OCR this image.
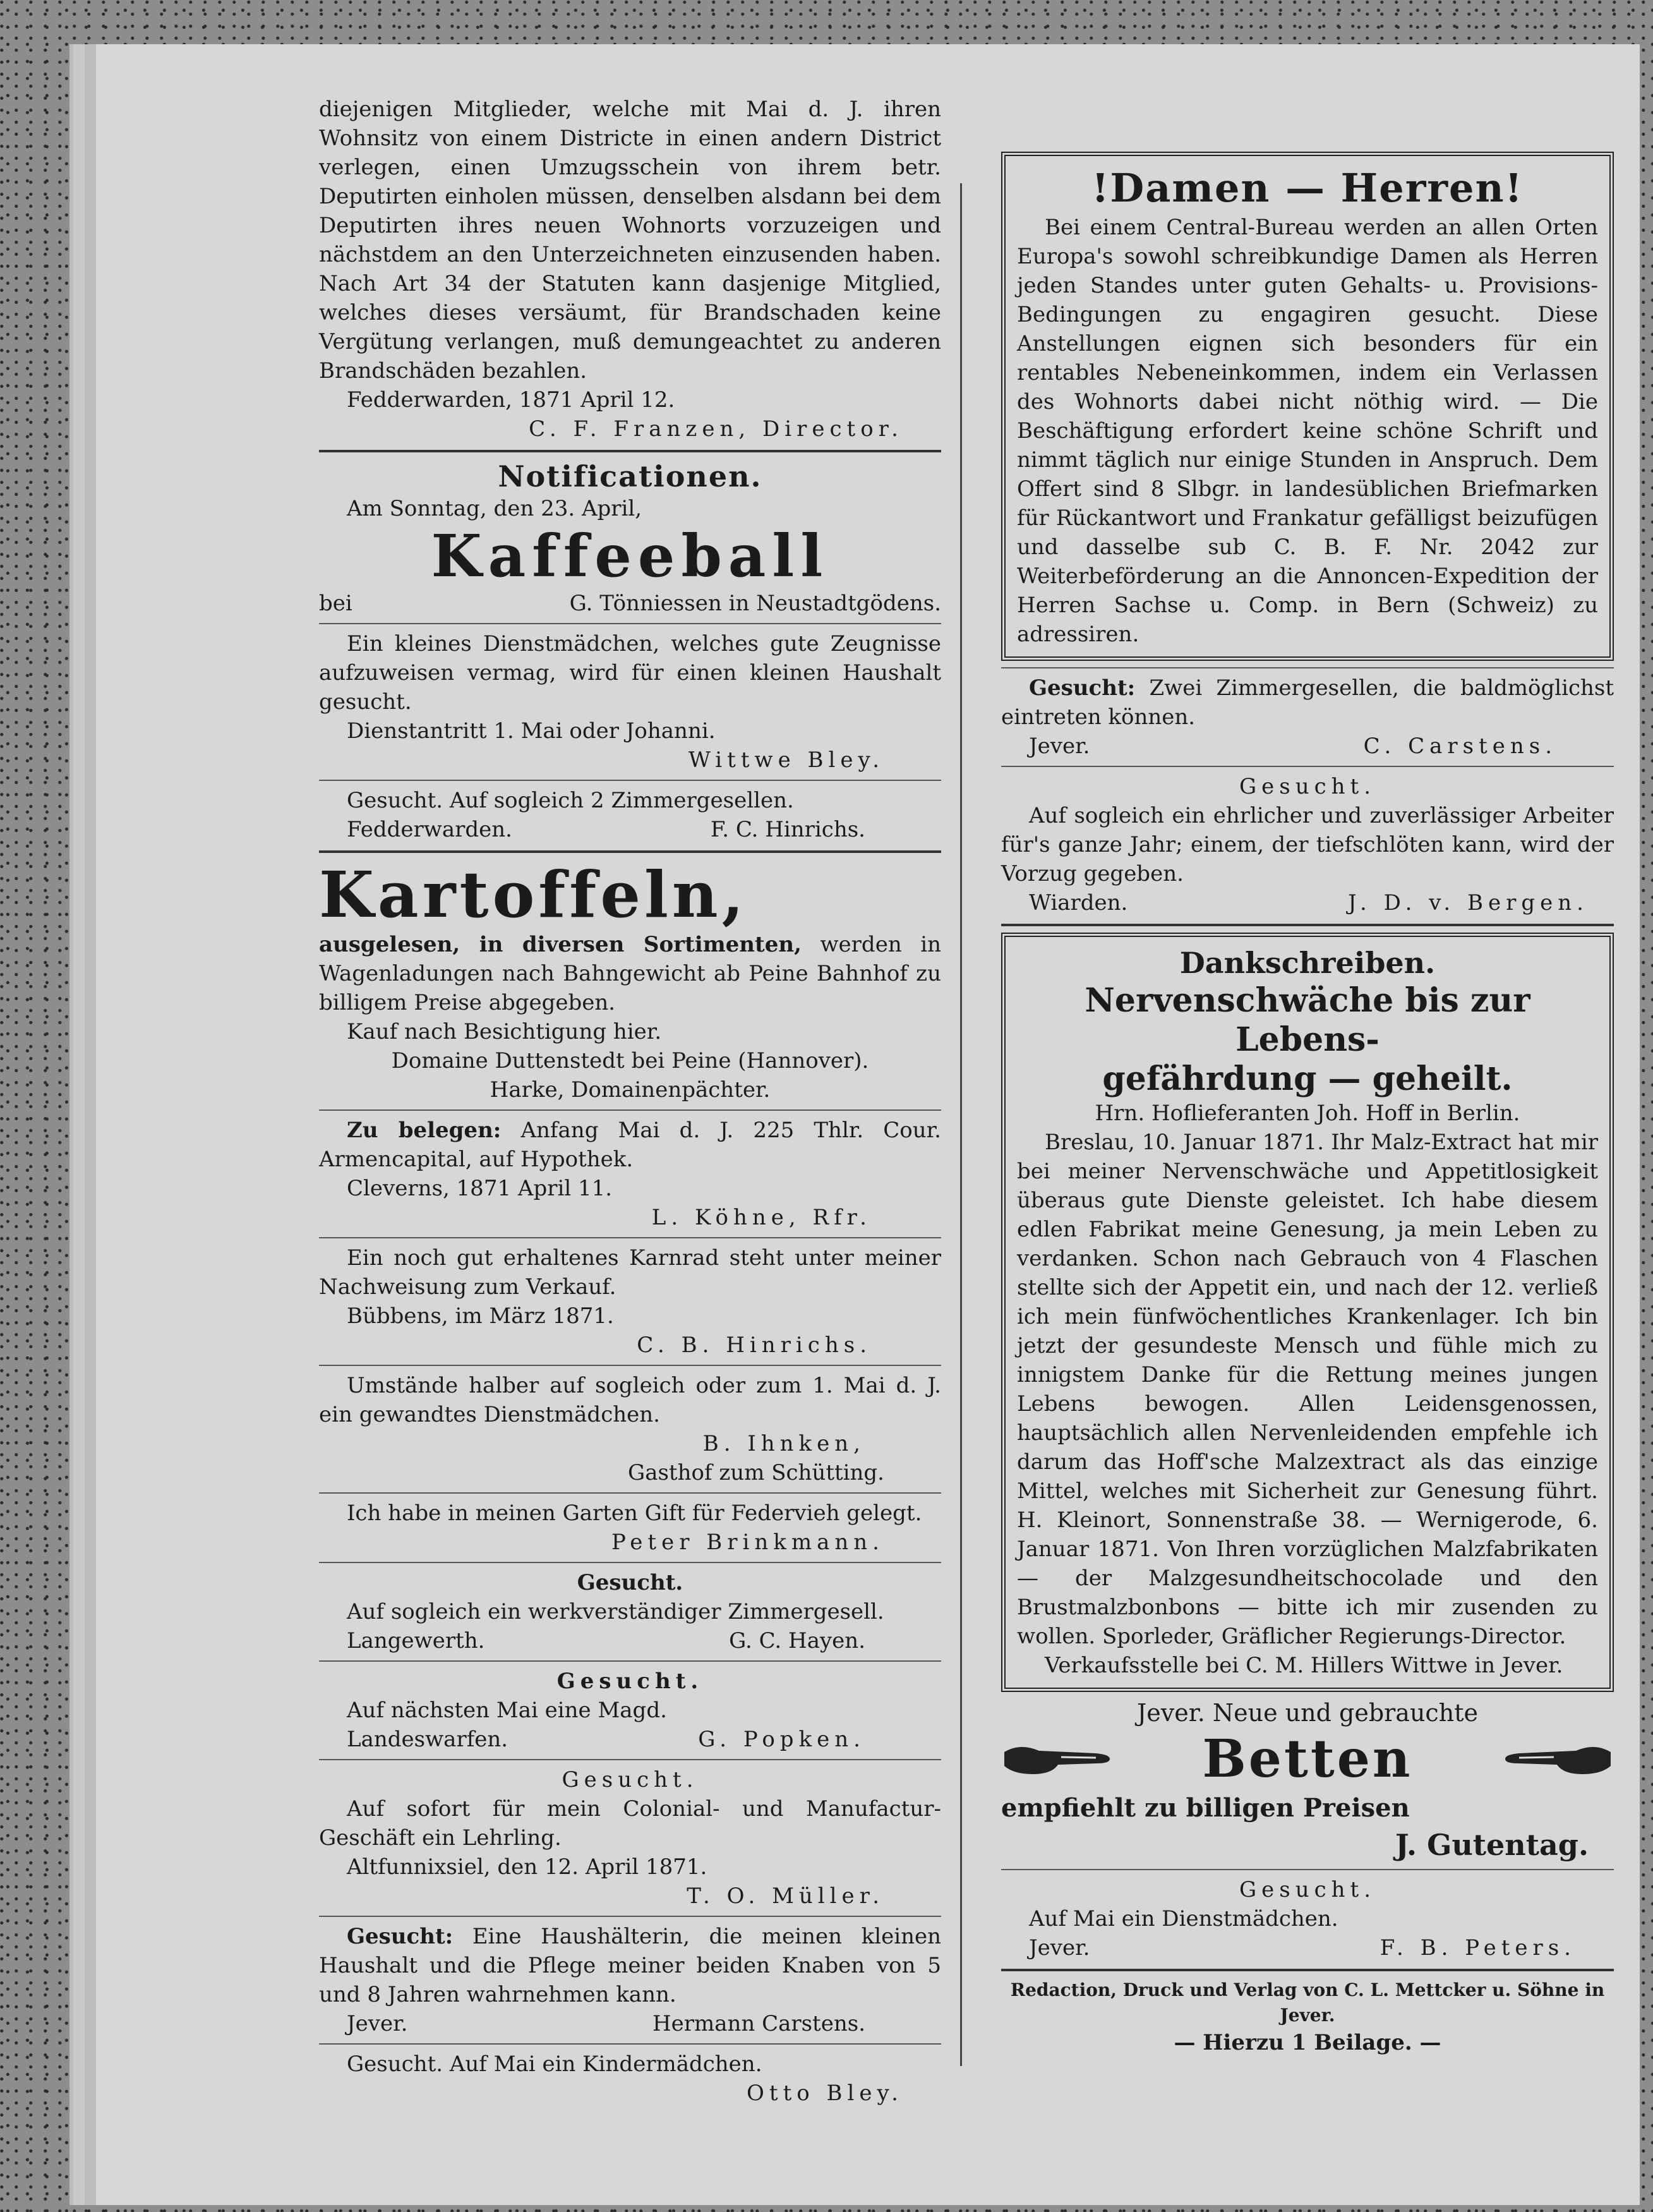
diejenigen Mitglieder, welche mit Mai d. J. ihren Wohnsitz von einem Districte in einen andern District verlegen, einen Umzugsschein von ihrem betr. Deputirten einholen müssen, denselben alsdann bei dem Deputirten ihres neuen Wohnorts vorzuzeigen und nächstdem an den Unterzeichneten einzusenden haben. Nach Art 34 der Statuten kann dasjenige Mitglied, welches dieses versäumt, für Brandschaden keine Vergütung verlangen, muß demungeachtet zu anderen Brandschäden bezahlen.

Fedderwarden, 1871 April 12.

C. F. Franzen, Director.

Notificationen.

Am Sonntag, den 23. April,

Kaffeeball

bei	G. Tönniessen in Neustadtgödens.

Ein kleines Dienstmädchen, welches gute Zeugnisse aufzuweisen vermag, wird für einen kleinen Haushalt gesucht.

Dienstantritt 1. Mai oder Johanni.

Wittwe Bley.

Gesucht. Auf sogleich 2 Zimmergesellen.

Fedderwarden.	F. C. Hinrichs.

Kartoffeln,

ausgelesen, in diversen Sortimenten, werden in Wagenladungen nach Bahngewicht ab Peine Bahnhof zu billigem Preise abgegeben.

Kauf nach Besichtigung hier.

Domaine Duttenstedt bei Peine (Hannover).

Harke, Domainenpächter.

Zu belegen: Anfang Mai d. J. 225 Thlr. Cour. Armencapital, auf Hypothek.

Cleverns, 1871 April 11.

L. Köhne, Rfr.

Ein noch gut erhaltenes Karnrad steht unter meiner Nachweisung zum Verkauf.

Bübbens, im März 1871.

C. B. Hinrichs.

Umstände halber auf sogleich oder zum 1. Mai d. J. ein gewandtes Dienstmädchen.

B. Ihnken,

Gasthof zum Schütting.

Ich habe in meinen Garten Gift für Federvieh gelegt.

Peter Brinkmann.

Gesucht.

Auf sogleich ein werkverständiger Zimmergesell.

Langewerth.	G. C. Hayen.

Gesucht.

Auf nächsten Mai eine Magd.

Landeswarfen.	G. Popken.

Gesucht.

Auf sofort für mein Colonial- und Manufactur-Geschäft ein Lehrling.

Altfunnixsiel, den 12. April 1871.

T. O. Müller.

Gesucht: Eine Haushälterin, die meinen kleinen Haushalt und die Pflege meiner beiden Knaben von 5 und 8 Jahren wahrnehmen kann.

Jever.	Hermann Carstens.

Gesucht. Auf Mai ein Kindermädchen.

Otto Bley.

!Damen — Herren!

Bei einem Central-Bureau werden an allen Orten Europa's sowohl schreibkundige Damen als Herren jeden Standes unter guten Gehalts- u. Provisions-Bedingungen zu engagiren gesucht. Diese Anstellungen eignen sich besonders für ein rentables Nebeneinkommen, indem ein Verlassen des Wohnorts dabei nicht nöthig wird. — Die Beschäftigung erfordert keine schöne Schrift und nimmt täglich nur einige Stunden in Anspruch. Dem Offert sind 8 Slbgr. in landesüblichen Briefmarken für Rückantwort und Frankatur gefälligst beizufügen und dasselbe sub C. B. F. Nr. 2042 zur Weiterbeförderung an die Annoncen-Expedition der Herren Sachse u. Comp. in Bern (Schweiz) zu adressiren.

Gesucht: Zwei Zimmergesellen, die baldmöglichst eintreten können.

Jever.	C. Carstens.

Gesucht.

Auf sogleich ein ehrlicher und zuverlässiger Arbeiter für's ganze Jahr; einem, der tiefschlöten kann, wird der Vorzug gegeben.

Wiarden.	J. D. v. Bergen.

Dankschreiben.

Nervenschwäche bis zur Lebens-

gefährdung — geheilt.

Hrn. Hoflieferanten Joh. Hoff in Berlin.

Breslau, 10. Januar 1871. Ihr Malz-Extract hat mir bei meiner Nervenschwäche und Appetitlosigkeit überaus gute Dienste geleistet. Ich habe diesem edlen Fabrikat meine Genesung, ja mein Leben zu verdanken. Schon nach Gebrauch von 4 Flaschen stellte sich der Appetit ein, und nach der 12. verließ ich mein fünfwöchentliches Krankenlager. Ich bin jetzt der gesundeste Mensch und fühle mich zu innigstem Danke für die Rettung meines jungen Lebens bewogen. Allen Leidensgenossen, hauptsächlich allen Nervenleidenden empfehle ich darum das Hoff'sche Malzextract als das einzige Mittel, welches mit Sicherheit zur Genesung führt. H. Kleinort, Sonnenstraße 38. — Wernigerode, 6. Januar 1871. Von Ihren vorzüglichen Malzfabrikaten — der Malzgesundheitschocolade und den Brustmalzbonbons — bitte ich mir zusenden zu wollen. Sporleder, Gräflicher Regierungs-Director.

Verkaufsstelle bei C. M. Hillers Wittwe in Jever.

Jever. Neue und gebrauchte

Betten

empfiehlt zu billigen Preisen

J. Gutentag.

Gesucht.

Auf Mai ein Dienstmädchen.

Jever.	F. B. Peters.

Redaction, Druck und Verlag von C. L. Mettcker u. Söhne in Jever.

— Hierzu 1 Beilage. —
